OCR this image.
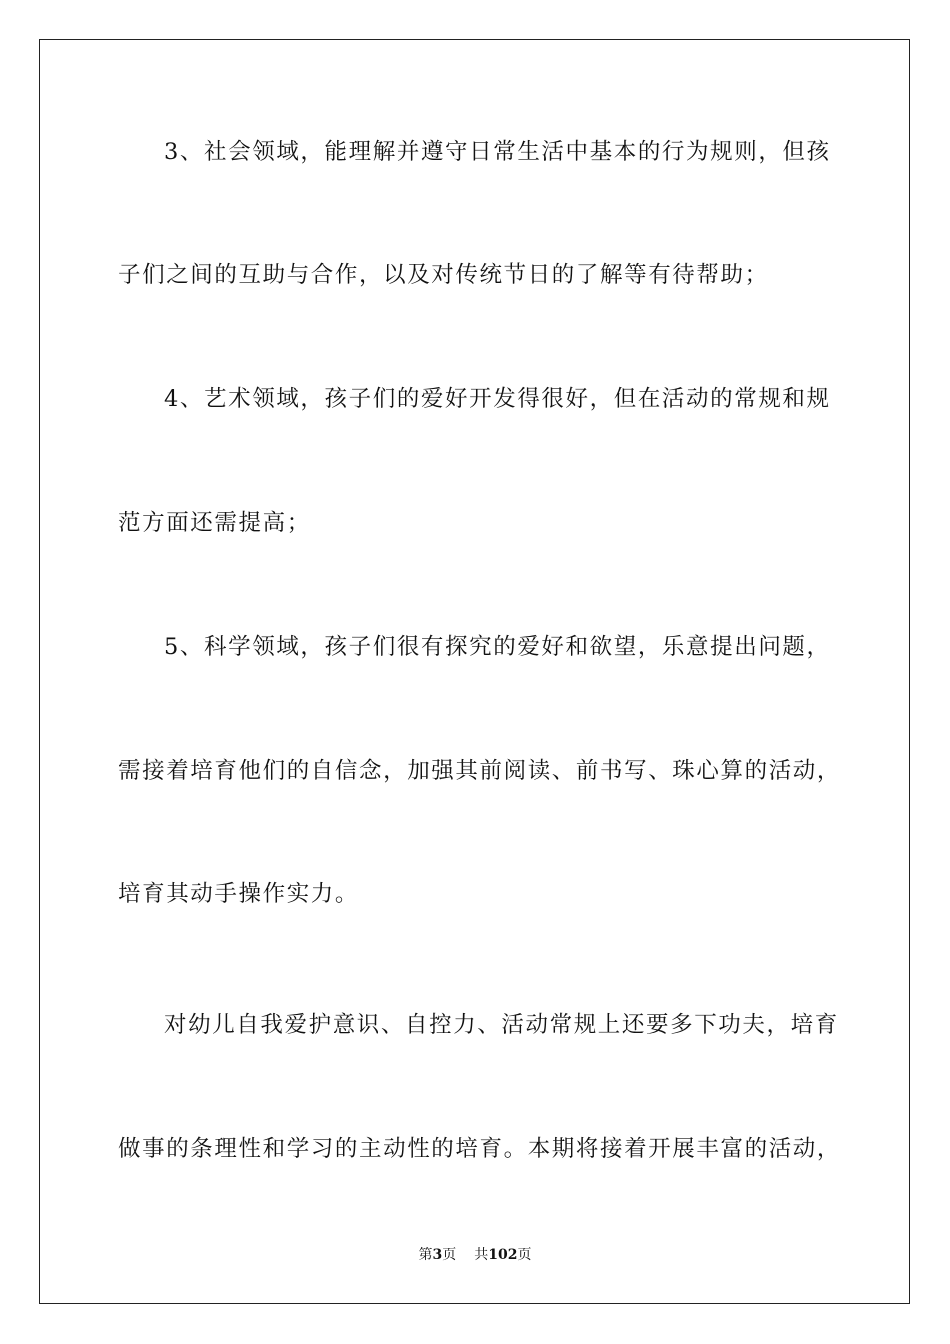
3、社会领域，能理解并遵守日常生活中基本的行为规则，但孩
子们之间的互助与合作，以及对传统节日的了解等有待帮助；
4、艺术领域，孩子们的爱好开发得很好，但在活动的常规和规
范方面还需提高；
5、科学领域，孩子们很有探究的爱好和欲望，乐意提出问题，
需接着培育他们的自信念，加强其前阅读、前书写、珠心算的活动，
培育其动手操作实力。
对幼儿自我爱护意识、自控力、活动常规上还要多下功夫，培育
做事的条理性和学习的主动性的培育。本期将接着开展丰富的活动，
第3页 共102页
